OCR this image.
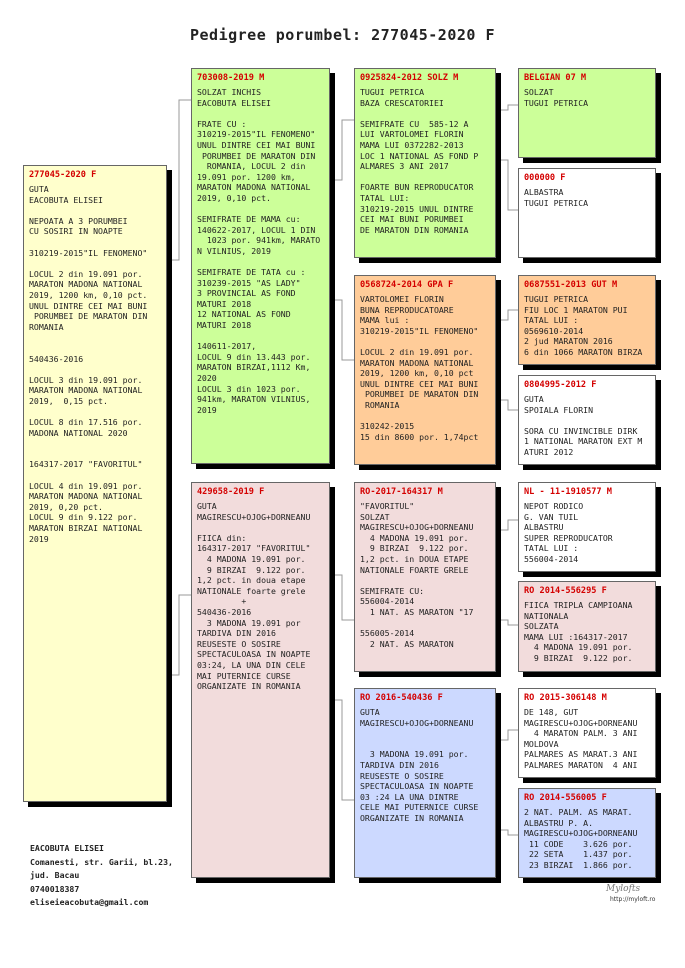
Pedigree porumbel: 277045-2020 F
277045-2020 F
GUTA
EACOBUTA ELISEI

NEPOATA A 3 PORUMBEI
CU SOSIRI IN NOAPTE

310219-2015"IL FENOMENO"

LOCUL 2 din 19.091 por.
MARATON MADONA NATIONAL
2019, 1200 km, 0,10 pct.
UNUL DINTRE CEI MAI BUNI
PORUMBEI DE MARATON DIN
ROMANIA

540436-2016

LOCUL 3 din 19.091 por.
MARATON MADONA NATIONAL
2019,  0,15 pct.

LOCUL 8 din 17.516 por.
MADONA NATIONAL 2020

164317-2017 "FAVORITUL"

LOCUL 4 din 19.091 por.
MARATON MADONA NATIONAL
2019, 0,20 pct.
LOCUL 9 din 9.122 por.
MARATON BIRZAI NATIONAL
2019
703008-2019 M
SOLZAT INCHIS
EACOBUTA ELISEI

FRATE CU :
310219-2015"IL FENOMENO"
UNUL DINTRE CEI MAI BUNI
PORUMBEI DE MARATON DIN
ROMANIA, LOCUL 2 din
19.091 por. 1200 km,
MARATON MADONA NATIONAL
2019, 0,10 pct.

SEMIFRATE DE MAMA cu:
140622-2017, LOCUL 1 DIN
1023 por. 941km, MARATO
N VILNIUS, 2019

SEMIFRATE DE TATA cu :
310239-2015 "AS LADY"
3 PROVINCIAL AS FOND
MATURI 2018
12 NATIONAL AS FOND
MATURI 2018

140611-2017,
LOCUL 9 din 13.443 por.
MARATON BIRZAI,1112 Km,
2020
LOCUL 3 din 1023 por.
941km, MARATON VILNIUS,
2019
429658-2019 F
GUTA
MAGIRESCU+OJOG+DORNEANU

FIICA din:
164317-2017 "FAVORITUL"
4 MADONA 19.091 por.
9 BIRZAI  9.122 por.
1,2 pct. in doua etape
NATIONALE foarte grele
+
540436-2016
3 MADONA 19.091 por
TARDIVA DIN 2016
REUSESTE O SOSIRE
SPECTACULOASA IN NOAPTE
03:24, LA UNA DIN CELE
MAI PUTERNICE CURSE
ORGANIZATE IN ROMANIA
0925824-2012 SOLZ M
TUGUI PETRICA
BAZA CRESCATORIEI

SEMIFRATE CU  585-12 A
LUI VARTOLOMEI FLORIN
MAMA LUI 0372282-2013
LOC 1 NATIONAL AS FOND P
ALMARES 3 ANI 2017

FOARTE BUN REPRODUCATOR
TATAL LUI:
310219-2015 UNUL DINTRE
CEI MAI BUNI PORUMBEI
DE MARATON DIN ROMANIA
0568724-2014 GPA F
VARTOLOMEI FLORIN
BUNA REPRODUCATOARE
MAMA lui :
310219-2015"IL FENOMENO"

LOCUL 2 din 19.091 por.
MARATON MADONA NATIONAL
2019, 1200 km, 0,10 pct
UNUL DINTRE CEI MAI BUNI
PORUMBEI DE MARATON DIN
ROMANIA

310242-2015
15 din 8600 por. 1,74pct
RO-2017-164317 M
"FAVORITUL"
SOLZAT
MAGIRESCU+OJOG+DORNEANU
4 MADONA 19.091 por.
9 BIRZAI  9.122 por.
1,2 pct. in DOUA ETAPE
NATIONALE FOARTE GRELE

SEMIFRATE CU:
556004-2014
1 NAT. AS MARATON "17

556005-2014
2 NAT. AS MARATON
RO 2016-540436 F
GUTA
MAGIRESCU+OJOG+DORNEANU

3 MADONA 19.091 por.
TARDIVA DIN 2016
REUSESTE O SOSIRE
SPECTACULOASA IN NOAPTE
03 :24 LA UNA DINTRE
CELE MAI PUTERNICE CURSE
ORGANIZATE IN ROMANIA
BELGIAN 07 M
SOLZAT
TUGUI PETRICA
000000 F
ALBASTRA
TUGUI PETRICA
0687551-2013 GUT M
TUGUI PETRICA
FIU LOC 1 MARATON PUI
TATAL LUI :
0569610-2014
2 jud MARATON 2016
6 din 1066 MARATON BIRZA
0804995-2012 F
GUTA
SPOIALA FLORIN

SORA CU INVINCIBLE DIRK
1 NATIONAL MARATON EXT M
ATURI 2012
NL - 11-1910577 M
NEPOT RODICO
G. VAN TUIL
ALBASTRU
SUPER REPRODUCATOR
TATAL LUI :
556004-2014
RO 2014-556295 F
FIICA TRIPLA CAMPIOANA
NATIONALA
SOLZATA
MAMA LUI :164317-2017
4 MADONA 19.091 por.
9 BIRZAI  9.122 por.
RO 2015-306148 M
DE 148, GUT
MAGIRESCU+OJOG+DORNEANU
4 MARATON PALM. 3 ANI
MOLDOVA
PALMARES AS MARAT.3 ANI
PALMARES MARATON  4 ANI
RO 2014-556005 F
2 NAT. PALM. AS MARAT.
ALBASTRU P. A.
MAGIRESCU+OJOG+DORNEANU
11 CODE    3.626 por.
22 SETA    1.437 por.
23 BIRZAI  1.866 por.
EACOBUTA ELISEI
Comanesti, str. Garii, bl.23,
jud. Bacau
0740018387
eliseieacobuta@gmail.com
Mylofts
http://myloft.ro
